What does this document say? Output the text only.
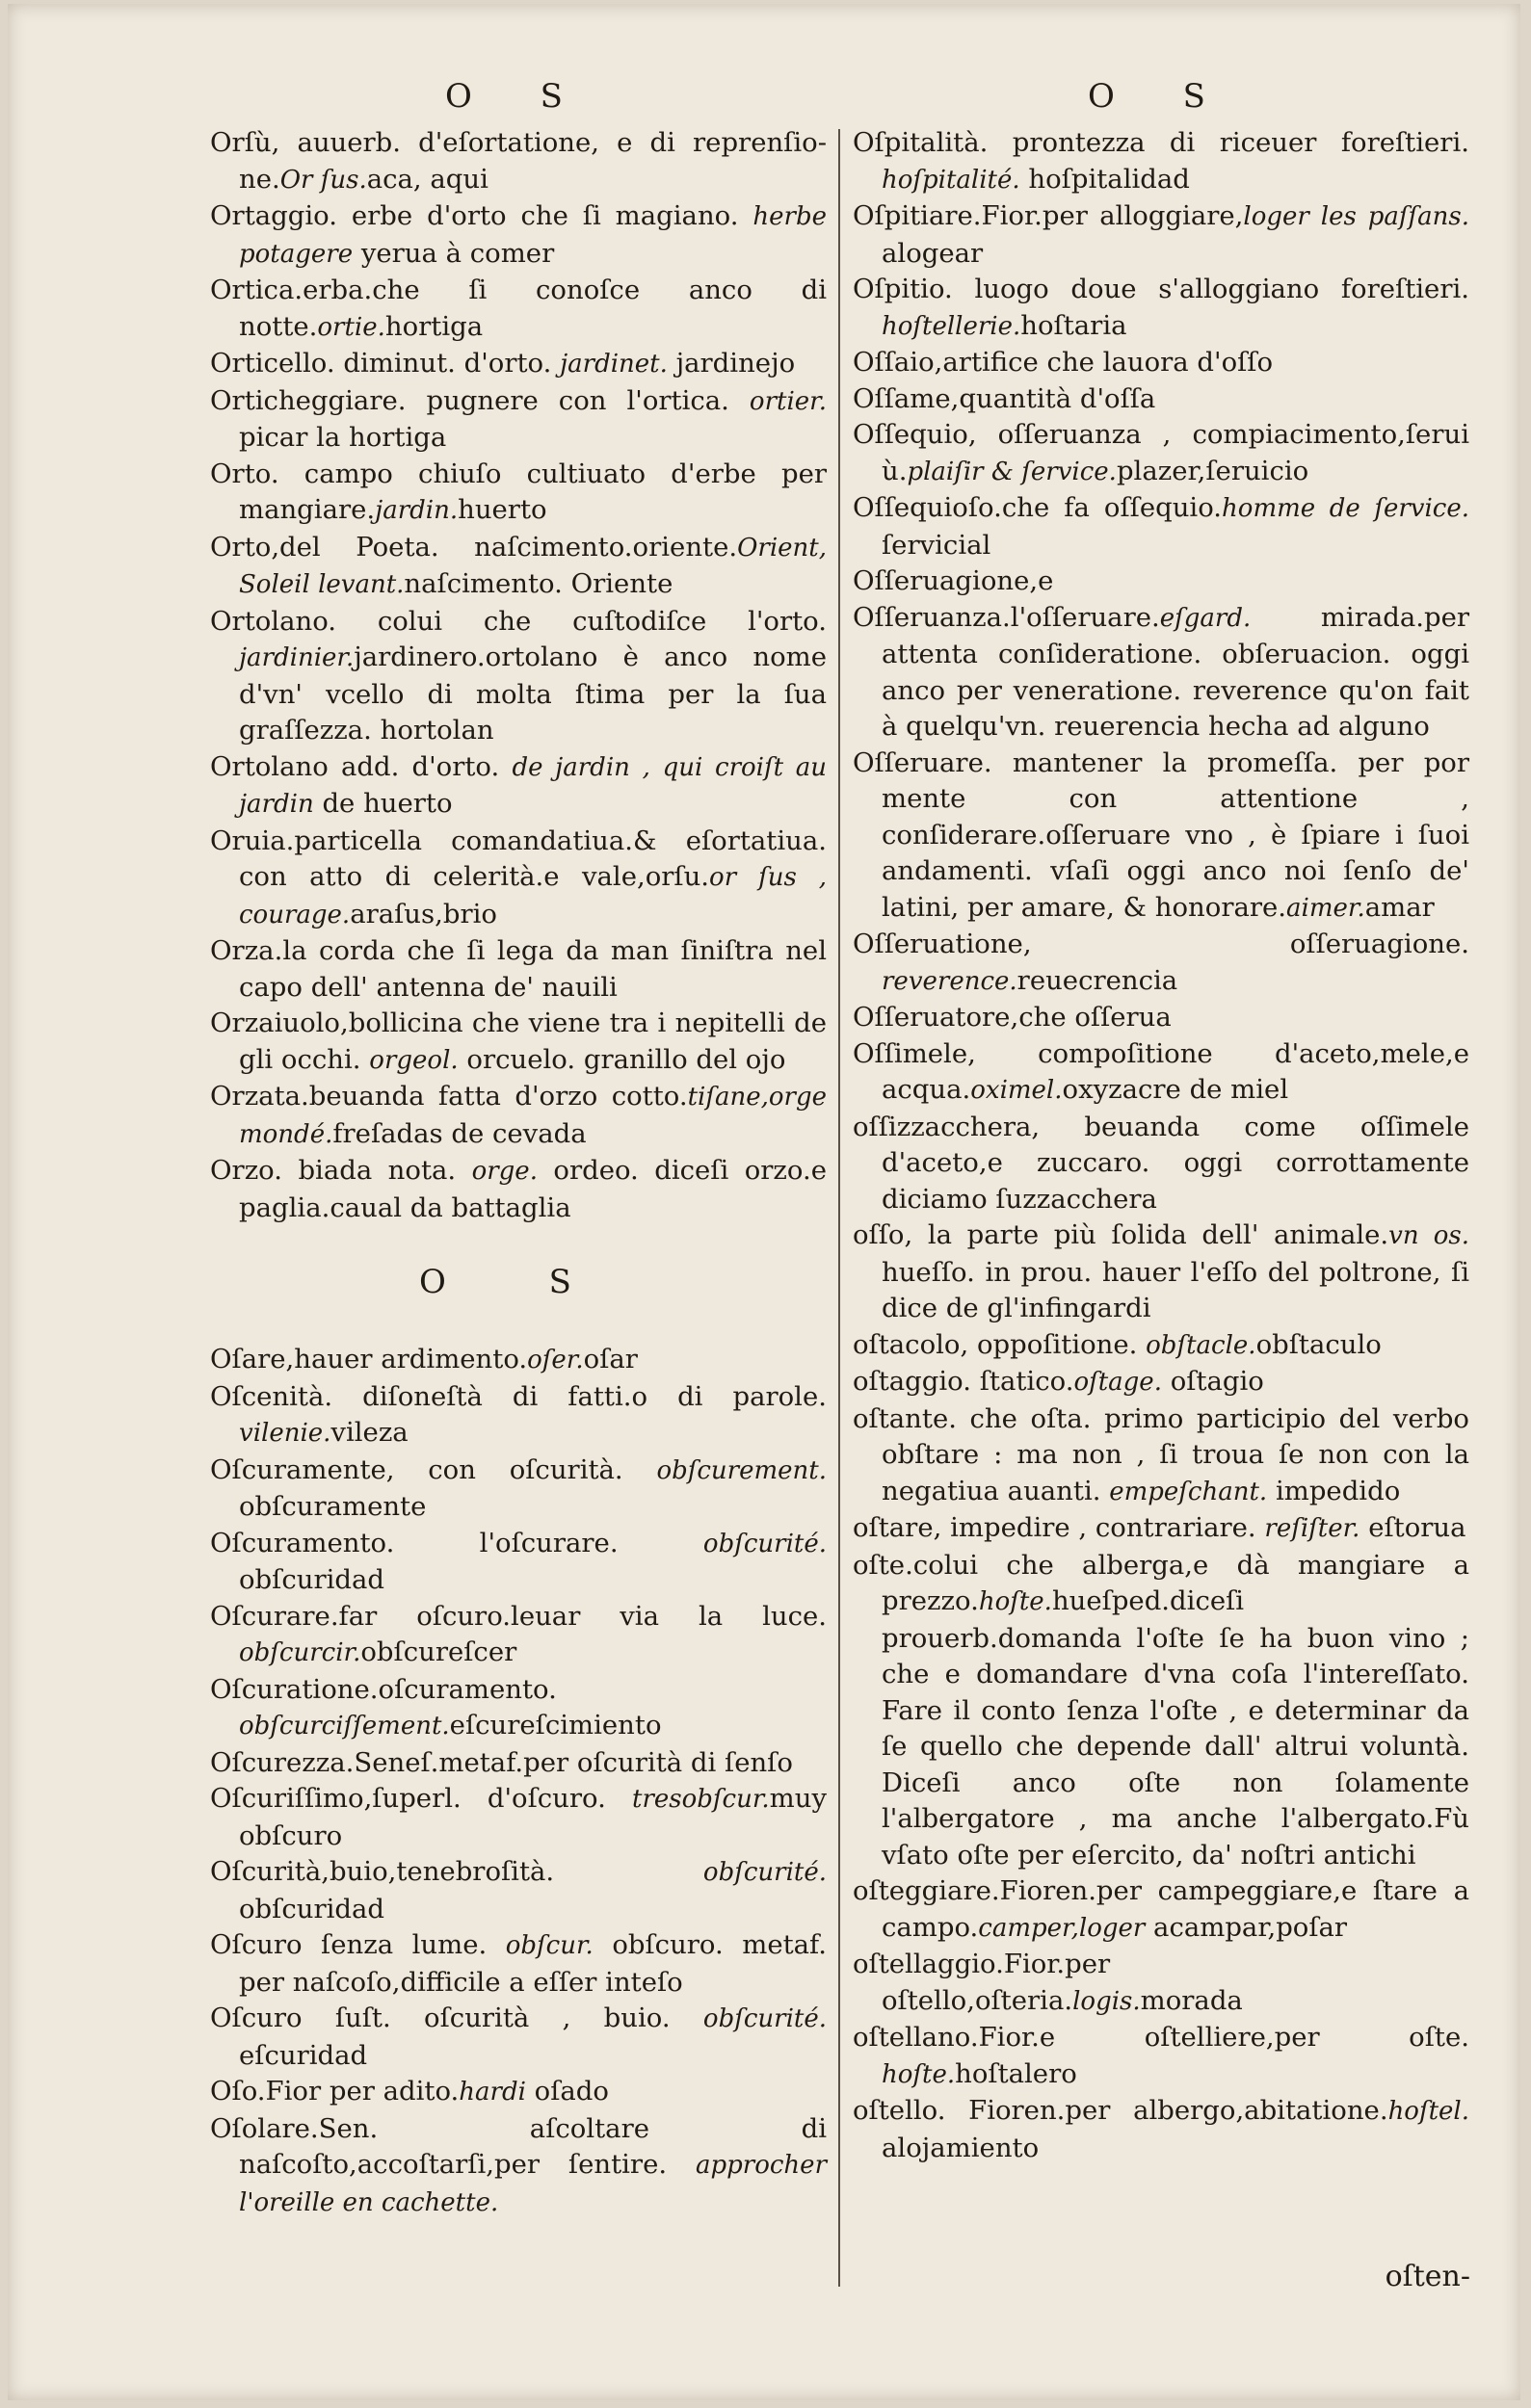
O S

Orſù, auuerb. d'eſortatione, e di reprenſio-ne.Or ſus.aca, aqui

Ortaggio. erbe d'orto che ſi magiano. herbe potagere yerua à comer

Ortica.erba.che ſi conoſce anco di notte.ortie.hortiga

Orticello. diminut. d'orto. jardinet. jardinejo

Orticheggiare. pugnere con l'ortica. ortier. picar la hortiga

Orto. campo chiuſo cultiuato d'erbe per mangiare.jardin.huerto

Orto,del Poeta. naſcimento.oriente.Orient, Soleil levant.naſcimento. Oriente

Ortolano. colui che cuſtodiſce l'orto. jardinier.jardinero.ortolano è anco nome d'vn' vcello di molta ſtima per la ſua graſſezza. hortolan

Ortolano add. d'orto. de jardin , qui croiſt au jardin de huerto

Oruia.particella comandatiua.& eſortatiua. con atto di celerità.e vale,orſu.or ſus , courage.araſus,brio

Orza.la corda che ſi lega da man ſiniſtra nel capo dell' antenna de' nauili

Orzaiuolo,bollicina che viene tra i nepitelli de gli occhi. orgeol. orcuelo. granillo del ojo

Orzata.beuanda fatta d'orzo cotto.tiſane,orge mondé.freſadas de cevada

Orzo. biada nota. orge. ordeo. diceſi orzo.e paglia.caual da battaglia

O S

Oſare,hauer ardimento.oſer.oſar

Oſcenità. diſoneſtà di fatti.o di parole. vilenie.vileza

Oſcuramente, con oſcurità. obſcurement. obſcuramente

Oſcuramento. l'oſcurare. obſcurité. obſcuridad

Oſcurare.far oſcuro.leuar via la luce. obſcurcir.obſcureſcer

Oſcuratione.oſcuramento. obſcurciſſement.eſcureſcimiento

Oſcurezza.Seneſ.metaf.per oſcurità di ſenſo

Oſcuriſſimo,ſuperl. d'oſcuro. tresobſcur.muy obſcuro

Oſcurità,buio,tenebroſità. obſcurité. obſcuridad

Oſcuro ſenza lume. obſcur. obſcuro. metaf. per naſcoſo,difficile a eſſer inteſo

Oſcuro ſuſt. oſcurità , buio. obſcurité. eſcuridad

Oſo.Fior per adito.hardi oſado

Oſolare.Sen. aſcoltare di naſcoſto,accoſtarſi,per ſentire. approcher l'oreille en cachette.

O S

Oſpitalità. prontezza di riceuer foreſtieri. hoſpitalité. hoſpitalidad

Oſpitiare.Fior.per alloggiare,loger les paſſans. alogear

Oſpitio. luogo doue s'alloggiano foreſtieri. hoſtellerie.hoſtaria

Oſſaio,artifice che lauora d'oſſo

Oſſame,quantità d'oſſa

Oſſequio, oſſeruanza , compiacimento,ſerui ù.plaiſir & ſervice.plazer,ſeruicio

Oſſequioſo.che fa oſſequio.homme de ſervice. ſervicial

Oſſeruagione,e

Oſſeruanza.l'oſſeruare.eſgard. mirada.per attenta conſideratione. obſeruacion. oggi anco per veneratione. reverence qu'on fait à quelqu'vn. reuerencia hecha ad alguno

Oſſeruare. mantener la promeſſa. per por mente con attentione , conſiderare.oſſeruare vno , è ſpiare i ſuoi andamenti. vſaſi oggi anco noi ſenſo de' latini, per amare, & honorare.aimer.amar

Oſſeruatione, oſſeruagione. reverence.reuecrencia

Oſſeruatore,che oſſerua

Oſſimele, compoſitione d'aceto,mele,e acqua.oximel.oxyzacre de miel

oſſizzacchera, beuanda come oſſimele d'aceto,e zuccaro. oggi corrottamente diciamo ſuzzacchera

oſſo, la parte più ſolida dell' animale.vn os. hueſſo. in prou. hauer l'eſſo del poltrone, ſi dice de gl'infingardi

oſtacolo, oppoſitione. obſtacle.obſtaculo

oſtaggio. ſtatico.oſtage. oſtagio

oſtante. che oſta. primo participio del verbo obſtare : ma non , ſi troua ſe non con la negatiua auanti. empeſchant. impedido

oſtare, impedire , contrariare. reſiſter. eſtorua

oſte.colui che alberga,e dà mangiare a prezzo.hoſte.hueſped.diceſi prouerb.domanda l'oſte ſe ha buon vino ; che e domandare d'vna coſa l'intereſſato. Fare il conto ſenza l'oſte , e determinar da ſe quello che depende dall' altrui voluntà. Diceſi anco oſte non ſolamente l'albergatore , ma anche l'albergato.Fù vſato oſte per eſercito, da' noſtri antichi

oſteggiare.Fioren.per campeggiare,e ſtare a campo.camper,loger acampar,poſar

oſtellaggio.Fior.per oſtello,oſteria.logis.morada

oſtellano.Fior.e oſtelliere,per oſte. hoſte.hoſtalero

oſtello. Fioren.per albergo,abitatione.hoſtel. alojamiento

oſten-
